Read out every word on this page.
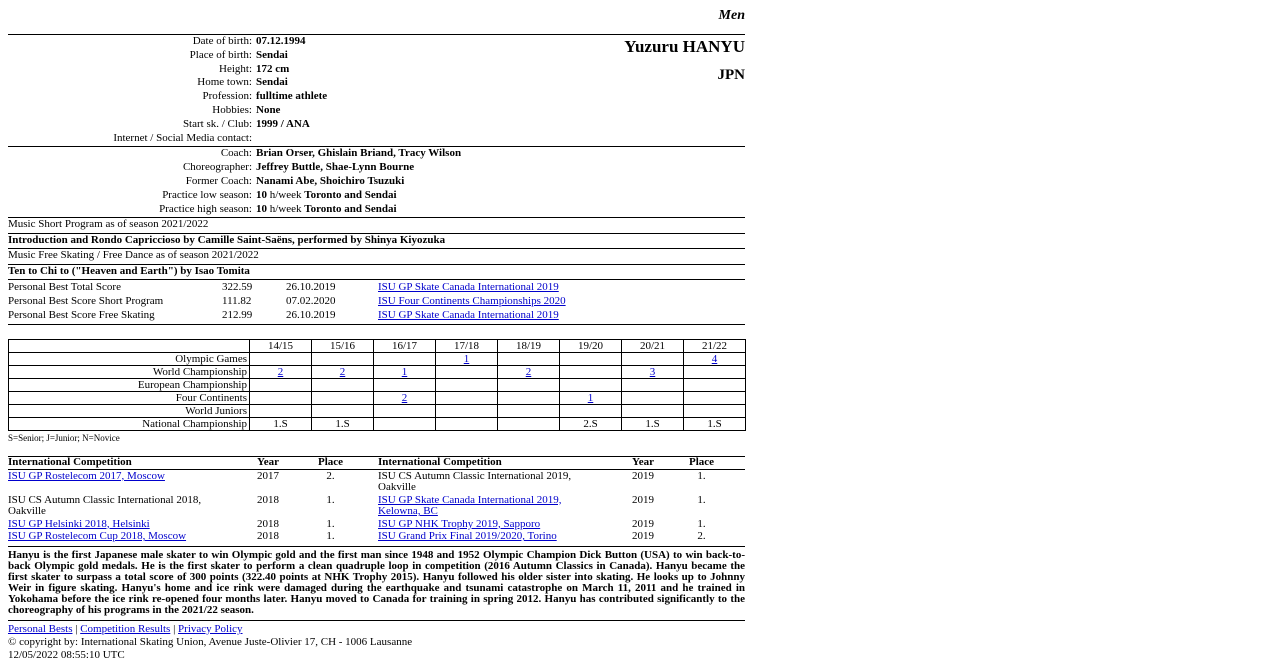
Men
Yuzuru HANYU
JPN
Date of birth: 07.12.1994
Place of birth: Sendai
Height: 172 cm
Home town: Sendai
Profession: fulltime athlete
Hobbies: None
Start sk. / Club: 1999 / ANA
Internet / Social Media contact:
Coach: Brian Orser, Ghislain Briand, Tracy Wilson
Choreographer: Jeffrey Buttle, Shae-Lynn Bourne
Former Coach: Nanami Abe, Shoichiro Tsuzuki
Practice low season: 10 h/week Toronto and Sendai
Practice high season: 10 h/week Toronto and Sendai
Music Short Program as of season 2021/2022
Introduction and Rondo Capriccioso by Camille Saint-Saëns, performed by Shinya Kiyozuka
Music Free Skating / Free Dance as of season 2021/2022
Ten to Chi to ("Heaven and Earth") by Isao Tomita
Personal Best Total Score	322.59	26.10.2019	ISU GP Skate Canada International 2019
Personal Best Score Short Program	111.82	07.02.2020	ISU Four Continents Championships 2020
Personal Best Score Free Skating	212.99	26.10.2019	ISU GP Skate Canada International 2019
	14/15	15/16	16/17	17/18	18/19	19/20	20/21	21/22
Olympic Games				1				4
World Championship	2	2	1		2		3	
European Championship								
Four Continents			2			1		
World Juniors								
National Championship	1.S	1.S				2.S	1.S	1.S
S=Senior; J=Junior; N=Novice
International Competition	Year	Place	International Competition	Year	Place
ISU GP Rostelecom 2017, Moscow	2017	2.	ISU CS Autumn Classic International 2019, Oakville	2019	1.
ISU CS Autumn Classic International 2018, Oakville	2018	1.	ISU GP Skate Canada International 2019, Kelowna, BC	2019	1.
ISU GP Helsinki 2018, Helsinki	2018	1.	ISU GP NHK Trophy 2019, Sapporo	2019	1.
ISU GP Rostelecom Cup 2018, Moscow	2018	1.	ISU Grand Prix Final 2019/2020, Torino	2019	2.
Hanyu is the first Japanese male skater to win Olympic gold and the first man since 1948 and 1952 Olympic Champion Dick Button (USA) to win back-to-back Olympic gold medals. He is the first skater to perform a clean quadruple loop in competition (2016 Autumn Classics in Canada). Hanyu became the first skater to surpass a total score of 300 points (322.40 points at NHK Trophy 2015). Hanyu followed his older sister into skating. He looks up to Johnny Weir in figure skating. Hanyu's home and ice rink were damaged during the earthquake and tsunami catastrophe on March 11, 2011 and he trained in Yokohama before the ice rink re-opened four months later. Hanyu moved to Canada for training in spring 2012. Hanyu has contributed significantly to the choreography of his programs in the 2021/22 season.
Personal Bests | Competition Results | Privacy Policy
© copyright by: International Skating Union, Avenue Juste-Olivier 17, CH - 1006 Lausanne
12/05/2022 08:55:10 UTC
